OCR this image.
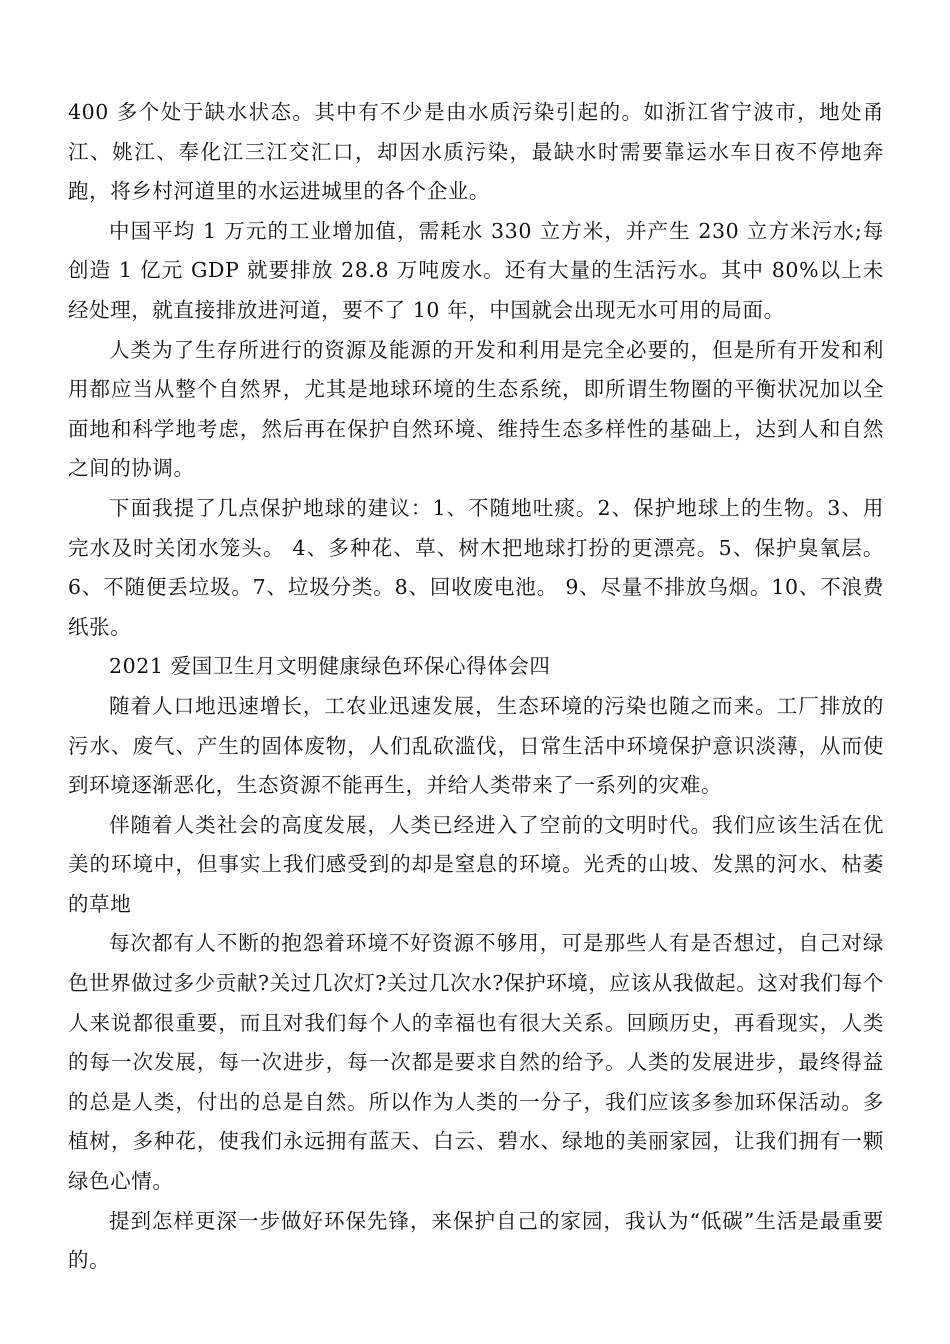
400 多个处于缺水状态。其中有不少是由水质污染引起的。如浙江省宁波市，地处甬江、姚江、奉化江三江交汇口，却因水质污染，最缺水时需要靠运水车日夜不停地奔跑，将乡村河道里的水运进城里的各个企业。

中国平均 1 万元的工业增加值，需耗水 330 立方米，并产生 230 立方米污水;每创造 1 亿元 GDP 就要排放 28.8 万吨废水。还有大量的生活污水。其中 80%以上未经处理，就直接排放进河道，要不了 10 年，中国就会出现无水可用的局面。

人类为了生存所进行的资源及能源的开发和利用是完全必要的，但是所有开发和利用都应当从整个自然界，尤其是地球环境的生态系统，即所谓生物圈的平衡状况加以全面地和科学地考虑，然后再在保护自然环境、维持生态多样性的基础上，达到人和自然之间的协调。

下面我提了几点保护地球的建议：1、不随地吐痰。2、保护地球上的生物。3、用完水及时关闭水笼头。 4、多种花、草、树木把地球打扮的更漂亮。5、保护臭氧层。6、不随便丢垃圾。7、垃圾分类。8、回收废电池。 9、尽量不排放乌烟。10、不浪费纸张。

2021 爱国卫生月文明健康绿色环保心得体会四

随着人口地迅速增长，工农业迅速发展，生态环境的污染也随之而来。工厂排放的污水、废气、产生的固体废物，人们乱砍滥伐，日常生活中环境保护意识淡薄，从而使到环境逐渐恶化，生态资源不能再生，并给人类带来了一系列的灾难。

伴随着人类社会的高度发展，人类已经进入了空前的文明时代。我们应该生活在优美的环境中，但事实上我们感受到的却是窒息的环境。光秃的山坡、发黑的河水、枯萎的草地

每次都有人不断的抱怨着环境不好资源不够用，可是那些人有是否想过，自己对绿色世界做过多少贡献?关过几次灯?关过几次水?保护环境，应该从我做起。这对我们每个人来说都很重要，而且对我们每个人的幸福也有很大关系。回顾历史，再看现实，人类的每一次发展，每一次进步，每一次都是要求自然的给予。人类的发展进步，最终得益的总是人类，付出的总是自然。所以作为人类的一分子，我们应该多参加环保活动。多植树，多种花，使我们永远拥有蓝天、白云、碧水、绿地的美丽家园，让我们拥有一颗绿色心情。

提到怎样更深一步做好环保先锋，来保护自己的家园，我认为“低碳”生活是最重要的。
